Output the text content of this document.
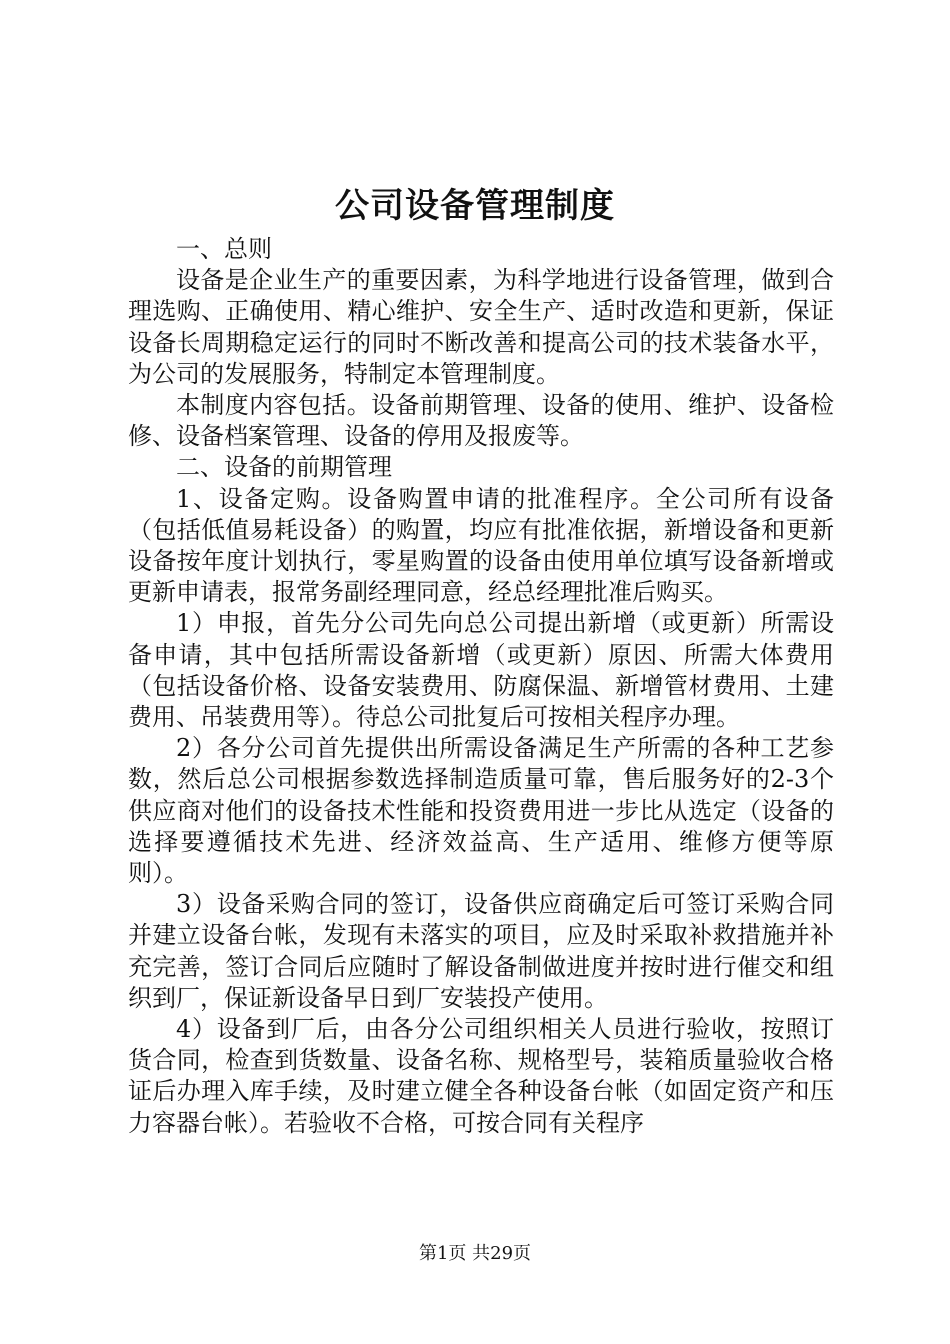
公司设备管理制度

一、总则

设备是企业生产的重要因素，为科学地进行设备管理，做到合理选购、正确使用、精心维护、安全生产、适时改造和更新，保证设备长周期稳定运行的同时不断改善和提高公司的技术装备水平，为公司的发展服务，特制定本管理制度。

本制度内容包括。设备前期管理、设备的使用、维护、设备检修、设备档案管理、设备的停用及报废等。

二、设备的前期管理

1、设备定购。设备购置申请的批准程序。全公司所有设备（包括低值易耗设备）的购置，均应有批准依据，新增设备和更新设备按年度计划执行，零星购置的设备由使用单位填写设备新增或更新申请表，报常务副经理同意，经总经理批准后购买。

1）申报，首先分公司先向总公司提出新增（或更新）所需设备申请，其中包括所需设备新增（或更新）原因、所需大体费用（包括设备价格、设备安装费用、防腐保温、新增管材费用、土建费用、吊装费用等）。待总公司批复后可按相关程序办理。

2）各分公司首先提供出所需设备满足生产所需的各种工艺参数，然后总公司根据参数选择制造质量可靠，售后服务好的2-3个供应商对他们的设备技术性能和投资费用进一步比从选定（设备的选择要遵循技术先进、经济效益高、生产适用、维修方便等原则）。

3）设备采购合同的签订，设备供应商确定后可签订采购合同并建立设备台帐，发现有未落实的项目，应及时采取补救措施并补充完善，签订合同后应随时了解设备制做进度并按时进行催交和组织到厂，保证新设备早日到厂安装投产使用。

4）设备到厂后，由各分公司组织相关人员进行验收，按照订货合同，检查到货数量、设备名称、规格型号，装箱质量验收合格证后办理入库手续，及时建立健全各种设备台帐（如固定资产和压力容器台帐）。若验收不合格，可按合同有关程序

第1页 共29页
